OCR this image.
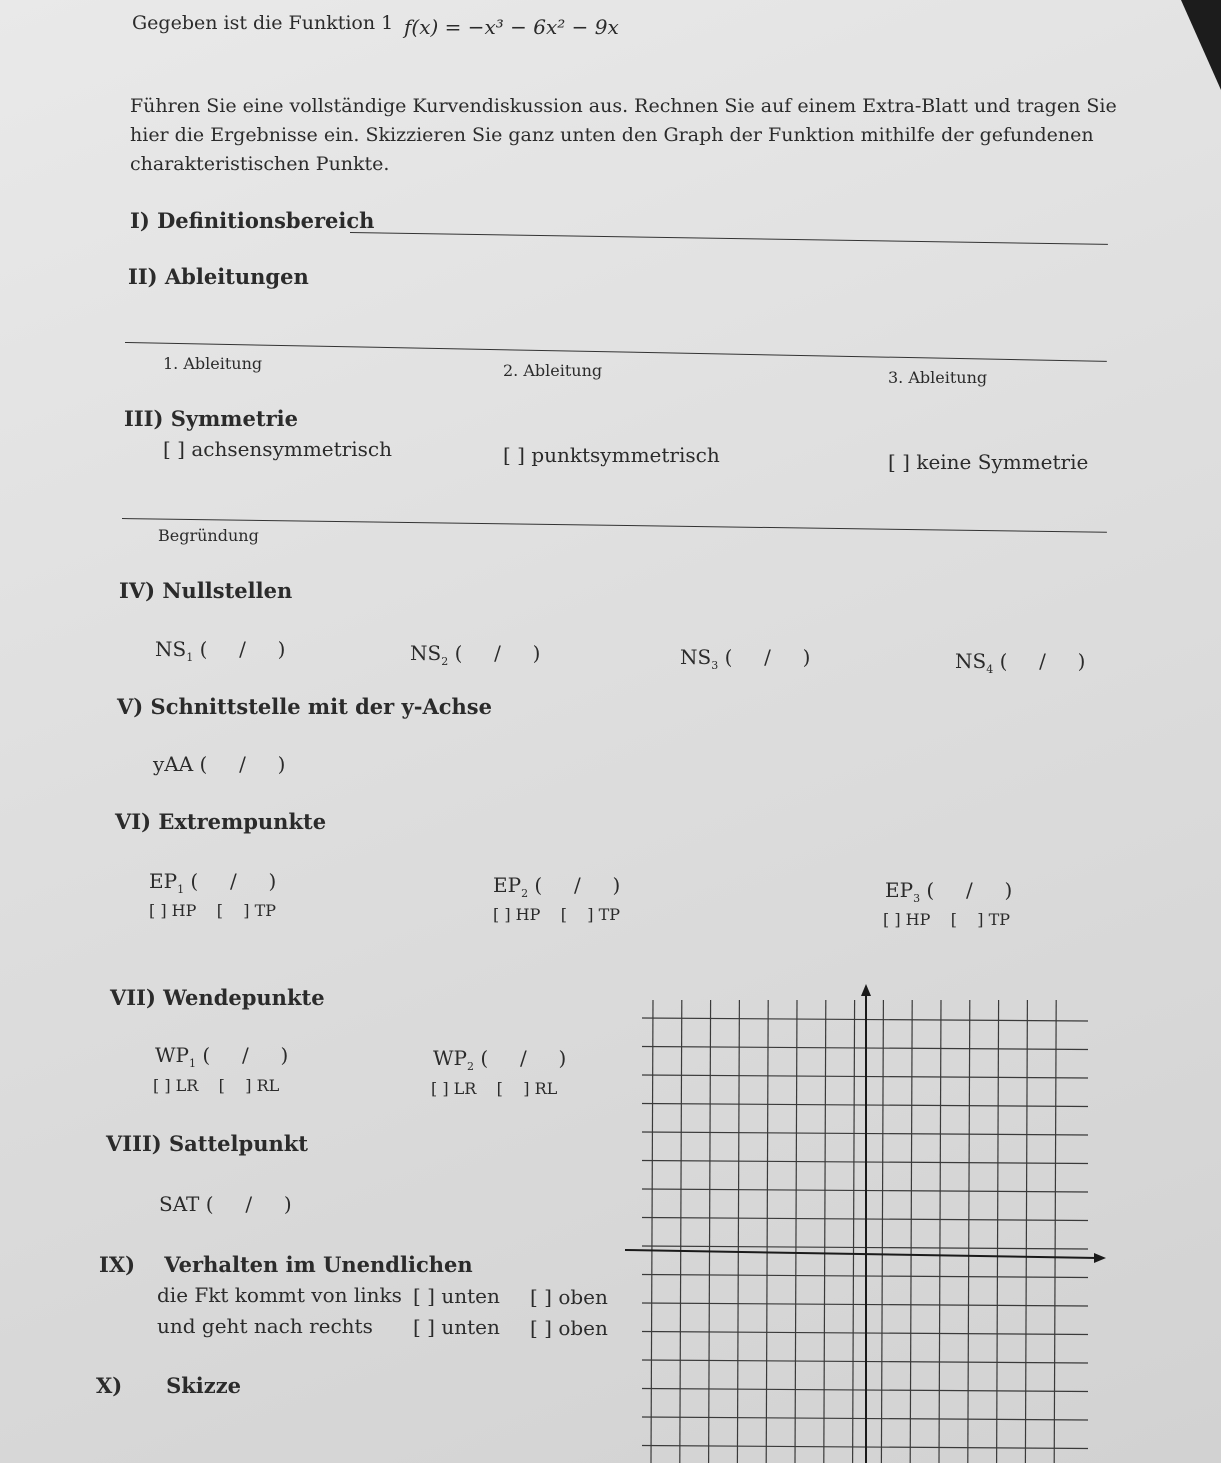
Gegeben ist die Funktion 1 f(x) = −x³ − 6x² − 9x
Führen Sie eine vollständige Kurvendiskussion aus. Rechnen Sie auf einem Extra-Blatt und tragen Sie hier die Ergebnisse ein. Skizzieren Sie ganz unten den Graph der Funktion mithilfe der gefundenen charakteristischen Punkte.
I) Definitionsbereich
II) Ableitungen
1. Ableitung	2. Ableitung	3. Ableitung
III) Symmetrie
[ ] achsensymmetrisch	[ ] punktsymmetrisch	[ ] keine Symmetrie
Begründung
IV) Nullstellen
$NS_1$ (     /     )	$NS_2$ (     /     )	$NS_3$ (     /     )	$NS_4$ (     /     )
V) Schnittstelle mit der y-Achse
yAA (     /     )
VI) Extrempunkte
$EP_1$ (     /     )
[ ] HP    [    ] TP
$EP_2$ (     /     )
[ ] HP    [    ] TP
$EP_3$ (     /     )
[ ] HP    [    ] TP
VII) Wendepunkte
$WP_1$ (     /     )
[ ] LR    [    ] RL
$WP_2$ (     /     )
[ ] LR    [    ] RL
VIII) Sattelpunkt
SAT (     /     )
IX)    Verhalten im Unendlichen
die Fkt kommt von links [ ] unten [ ] oben
und geht nach rechts [ ] unten [ ] oben
X)      Skizze
